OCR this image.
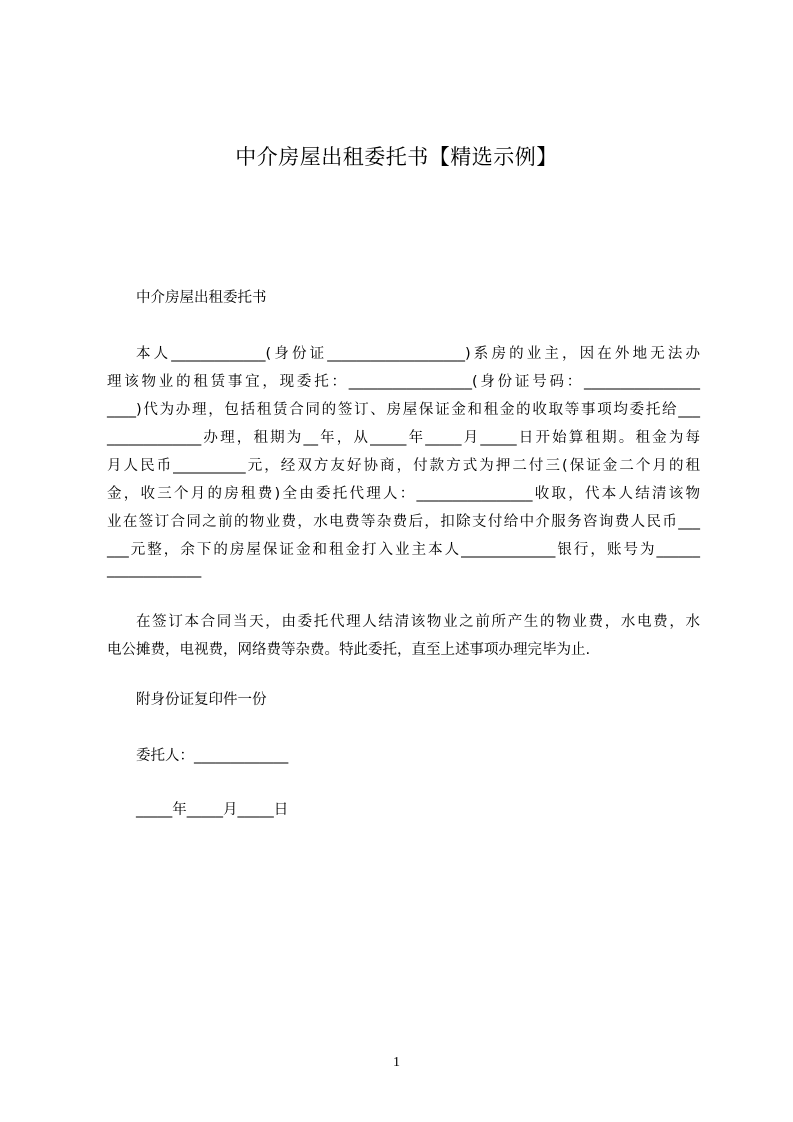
中介房屋出租委托书【精选示例】
中介房屋出租委托书
本人_____________(身份证___________________)系房的业主，因在外地无法办
理该物业的租赁事宜，现委托：_________________(身份证号码：________________
____)代为办理，包括租赁合同的签订、房屋保证金和租金的收取等事项均委托给___
_____________办理，租期为__年，从_____年_____月_____日开始算租期。租金为每
月人民币__________元，经双方友好协商，付款方式为押二付三(保证金二个月的租
金，收三个月的房租费)全由委托代理人：________________收取，代本人结清该物
业在签订合同之前的物业费，水电费等杂费后，扣除支付给中介服务咨询费人民币___
___元整，余下的房屋保证金和租金打入业主本人_____________银行，账号为______
_____________
在签订本合同当天，由委托代理人结清该物业之前所产生的物业费，水电费，水
电公摊费，电视费，网络费等杂费。特此委托，直至上述事项办理完毕为止.
附身份证复印件一份
委托人：_____________
_____年_____月_____日
1
